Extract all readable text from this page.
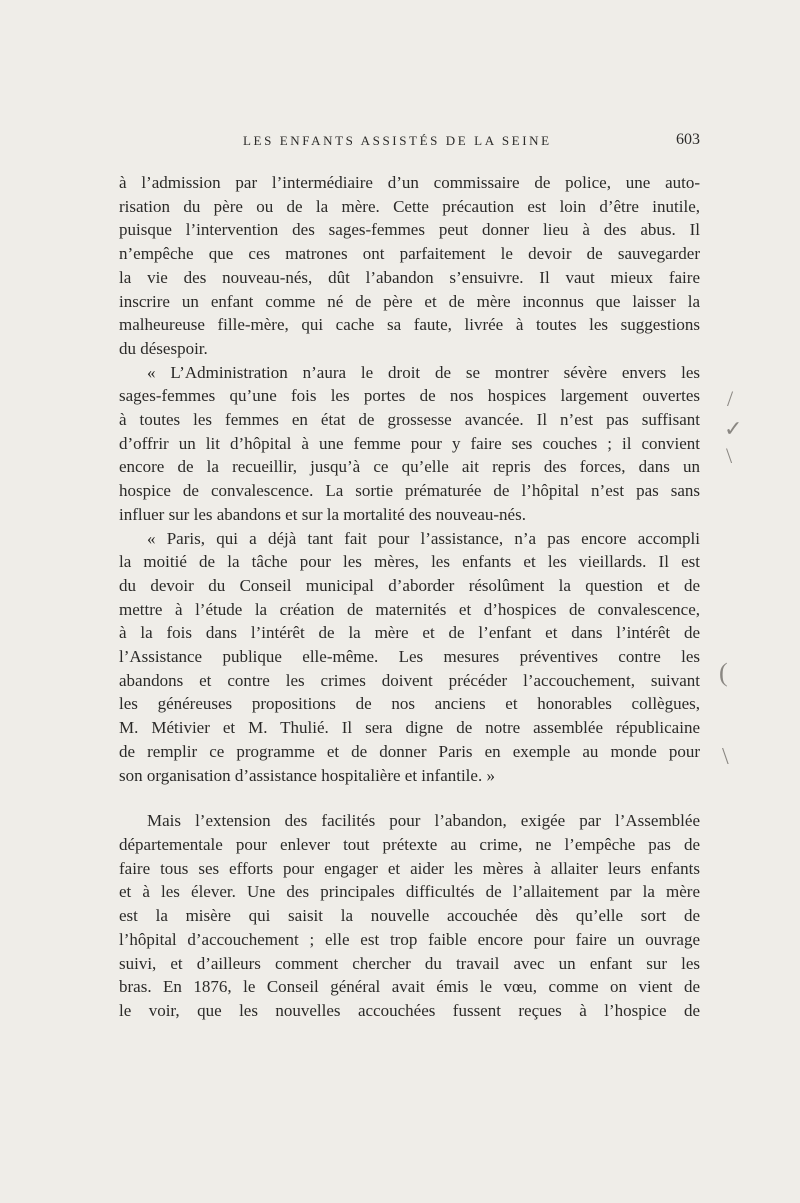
LES ENFANTS ASSISTÉS DE LA SEINE	603

à l’admission par l’intermédiaire d’un commissaire de police, une auto-

risation du père ou de la mère. Cette précaution est loin d’être inutile,

puisque l’intervention des sages-femmes peut donner lieu à des abus. Il

n’empêche que ces matrones ont parfaitement le devoir de sauvegarder

la vie des nouveau-nés, dût l’abandon s’ensuivre. Il vaut mieux faire

inscrire un enfant comme né de père et de mère inconnus que laisser la

malheureuse fille-mère, qui cache sa faute, livrée à toutes les suggestions

du désespoir.

« L’Administration n’aura le droit de se montrer sévère envers les

sages-femmes qu’une fois les portes de nos hospices largement ouvertes

à toutes les femmes en état de grossesse avancée. Il n’est pas suffisant

d’offrir un lit d’hôpital à une femme pour y faire ses couches ; il convient

encore de la recueillir, jusqu’à ce qu’elle ait repris des forces, dans un

hospice de convalescence. La sortie prématurée de l’hôpital n’est pas sans

influer sur les abandons et sur la mortalité des nouveau-nés.

« Paris, qui a déjà tant fait pour l’assistance, n’a pas encore accompli

la moitié de la tâche pour les mères, les enfants et les vieillards. Il est

du devoir du Conseil municipal d’aborder résolûment la question et de

mettre à l’étude la création de maternités et d’hospices de convalescence,

à la fois dans l’intérêt de la mère et de l’enfant et dans l’intérêt de

l’Assistance publique elle-même. Les mesures préventives contre les

abandons et contre les crimes doivent précéder l’accouchement, suivant

les généreuses propositions de nos anciens et honorables collègues,

M. Métivier et M. Thulié. Il sera digne de notre assemblée républicaine

de remplir ce programme et de donner Paris en exemple au monde pour

son organisation d’assistance hospitalière et infantile. »

Mais l’extension des facilités pour l’abandon, exigée par l’Assemblée

départementale pour enlever tout prétexte au crime, ne l’empêche pas de

faire tous ses efforts pour engager et aider les mères à allaiter leurs enfants

et à les élever. Une des principales difficultés de l’allaitement par la mère

est la misère qui saisit la nouvelle accouchée dès qu’elle sort de

l’hôpital d’accouchement ; elle est trop faible encore pour faire un ouvrage

suivi, et d’ailleurs comment chercher du travail avec un enfant sur les

bras. En 1876, le Conseil général avait émis le vœu, comme on vient de

le voir, que les nouvelles accouchées fussent reçues à l’hospice de

/
✓
\
(
\
